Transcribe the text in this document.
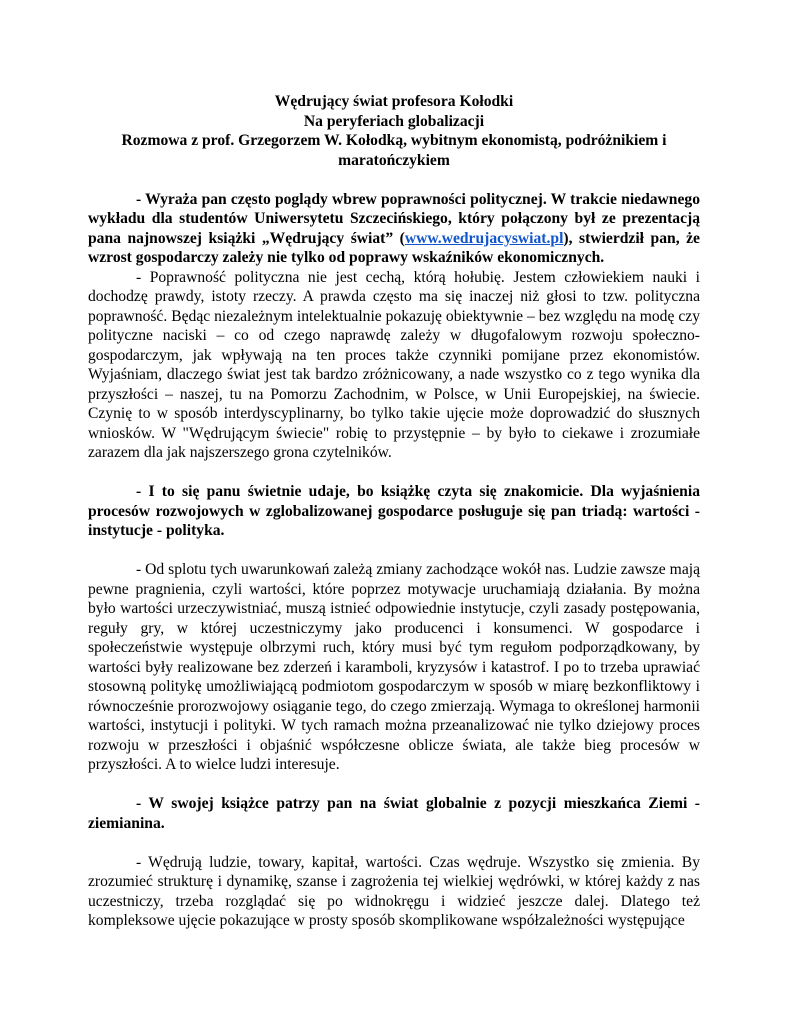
Wędrujący świat profesora Kołodki

Na peryferiach globalizacji

Rozmowa z prof. Grzegorzem W. Kołodką, wybitnym ekonomistą, podróżnikiem i maratończykiem

- Wyraża pan często poglądy wbrew poprawności politycznej. W trakcie niedawnego wykładu dla studentów Uniwersytetu Szczecińskiego, który połączony był ze prezentacją pana najnowszej książki „Wędrujący świat” (www.wedrujacyswiat.pl), stwierdził pan, że wzrost gospodarczy zależy nie tylko od poprawy wskaźników ekonomicznych.

- Poprawność polityczna nie jest cechą, którą hołubię. Jestem człowiekiem nauki i dochodzę prawdy, istoty rzeczy. A prawda często ma się inaczej niż głosi to tzw. polityczna poprawność. Będąc niezależnym intelektualnie pokazuję obiektywnie – bez względu na modę czy polityczne naciski – co od czego naprawdę zależy w długofalowym rozwoju społeczno-gospodarczym, jak wpływają na ten proces także czynniki pomijane przez ekonomistów. Wyjaśniam, dlaczego świat jest tak bardzo zróżnicowany, a nade wszystko co z tego wynika dla przyszłości – naszej, tu na Pomorzu Zachodnim, w Polsce, w Unii Europejskiej, na świecie. Czynię to w sposób interdyscyplinarny, bo tylko takie ujęcie może doprowadzić do słusznych wniosków. W "Wędrującym świecie" robię to przystępnie – by było to ciekawe i zrozumiałe zarazem dla jak najszerszego grona czytelników.

- I to się panu świetnie udaje, bo książkę czyta się znakomicie. Dla wyjaśnienia procesów rozwojowych w zglobalizowanej gospodarce posługuje się pan triadą: wartości - instytucje - polityka.

- Od splotu tych uwarunkowań zależą zmiany zachodzące wokół nas. Ludzie zawsze mają pewne pragnienia, czyli wartości, które poprzez motywacje uruchamiają działania. By można było wartości urzeczywistniać, muszą istnieć odpowiednie instytucje, czyli zasady postępowania, reguły gry, w której uczestniczymy jako producenci i konsumenci. W gospodarce i społeczeństwie występuje olbrzymi ruch, który musi być tym regułom podporządkowany, by wartości były realizowane bez zderzeń i karamboli, kryzysów i katastrof. I po to trzeba uprawiać stosowną politykę umożliwiającą podmiotom gospodarczym w sposób w miarę bezkonfliktowy i równocześnie prorozwojowy osiąganie tego, do czego zmierzają. Wymaga to określonej harmonii wartości, instytucji i polityki. W tych ramach można przeanalizować nie tylko dziejowy proces rozwoju w przeszłości i objaśnić współczesne oblicze świata, ale także bieg procesów w przyszłości. A to wielce ludzi interesuje.

- W swojej książce patrzy pan na świat globalnie z pozycji mieszkańca Ziemi - ziemianina.

- Wędrują ludzie, towary, kapitał, wartości. Czas wędruje. Wszystko się zmienia. By zrozumieć strukturę i dynamikę, szanse i zagrożenia tej wielkiej wędrówki, w której każdy z nas uczestniczy, trzeba rozglądać się po widnokręgu i widzieć jeszcze dalej. Dlatego też kompleksowe ujęcie pokazujące w prosty sposób skomplikowane współzależności występujące
